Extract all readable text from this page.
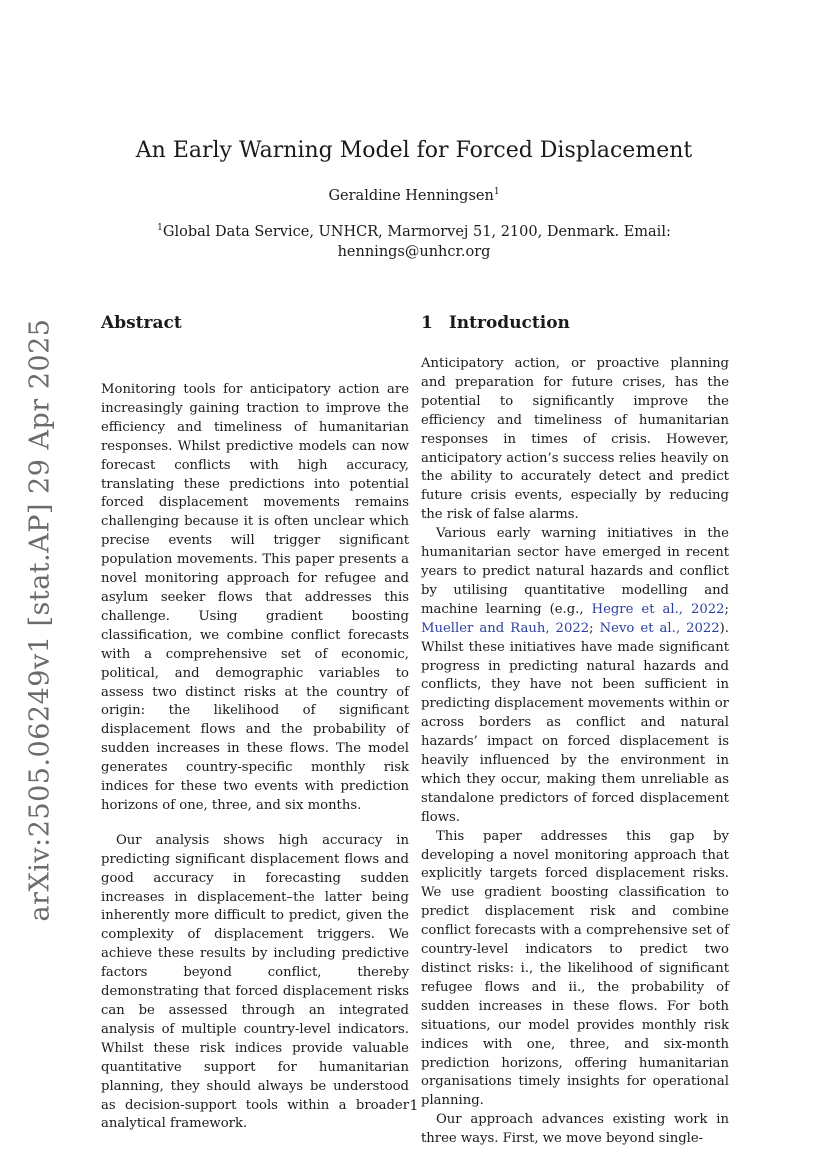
arXiv:2505.06249v1 [stat.AP] 29 Apr 2025
An Early Warning Model for Forced Displacement
Geraldine Henningsen$^1$
$^1$Global Data Service, UNHCR, Marmorvej 51, 2100, Denmark. Email: hennings@unhcr.org
Abstract

Monitoring tools for anticipatory action are increasingly gaining traction to improve the efficiency and timeliness of humanitarian responses. Whilst predictive models can now forecast conflicts with high accuracy, translating these predictions into potential forced displacement movements remains challenging because it is often unclear which precise events will trigger significant population movements. This paper presents a novel monitoring approach for refugee and asylum seeker flows that addresses this challenge. Using gradient boosting classification, we combine conflict forecasts with a comprehensive set of economic, political, and demographic variables to assess two distinct risks at the country of origin: the likelihood of significant displacement flows and the probability of sudden increases in these flows. The model generates country-specific monthly risk indices for these two events with prediction horizons of one, three, and six months.

Our analysis shows high accuracy in predicting significant displacement flows and good accuracy in forecasting sudden increases in displacement–the latter being inherently more difficult to predict, given the complexity of displacement triggers. We achieve these results by including predictive factors beyond conflict, thereby demonstrating that forced displacement risks can be assessed through an integrated analysis of multiple country-level indicators. Whilst these risk indices provide valuable quantitative support for humanitarian planning, they should always be understood as decision-support tools within a broader analytical framework.

1 Introduction

Anticipatory action, or proactive planning and preparation for future crises, has the potential to significantly improve the efficiency and timeliness of humanitarian responses in times of crisis. However, anticipatory action’s success relies heavily on the ability to accurately detect and predict future crisis events, especially by reducing the risk of false alarms.

Various early warning initiatives in the humanitarian sector have emerged in recent years to predict natural hazards and conflict by utilising quantitative modelling and machine learning (e.g., Hegre et al., 2022; Mueller and Rauh, 2022; Nevo et al., 2022). Whilst these initiatives have made significant progress in predicting natural hazards and conflicts, they have not been sufficient in predicting displacement movements within or across borders as conflict and natural hazards’ impact on forced displacement is heavily influenced by the environment in which they occur, making them unreliable as standalone predictors of forced displacement flows.

This paper addresses this gap by developing a novel monitoring approach that explicitly targets forced displacement risks. We use gradient boosting classification to predict displacement risk and combine conflict forecasts with a comprehensive set of country-level indicators to predict two distinct risks: i., the likelihood of significant refugee flows and ii., the probability of sudden increases in these flows. For both situations, our model provides monthly risk indices with one, three, and six-month prediction horizons, offering humanitarian organisations timely insights for operational planning.

Our approach advances existing work in three ways. First, we move beyond single-

1
